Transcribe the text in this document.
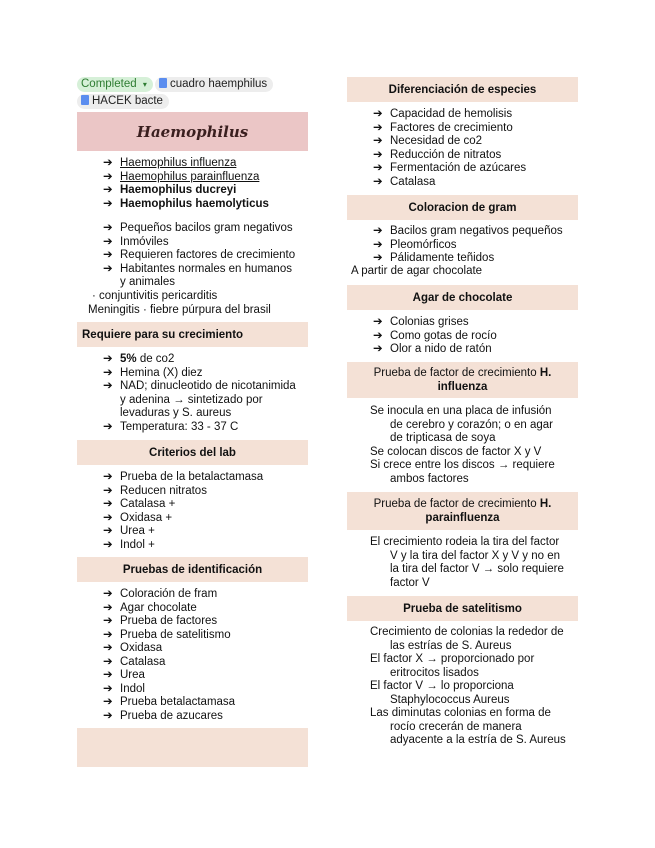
Completed ▾	cuadro haemphilus
HACEK bacte
Haemophilus
➔ Haemophilus influenza
➔ Haemophilus parainfluenza
➔ Haemophilus ducreyi
➔ Haemophilus haemolyticus
➔ Pequeños bacilos gram negativos
➔ Inmóviles
➔ Requieren factores de crecimiento
➔ Habitantes normales en humanos
y animales
· conjuntivitis pericarditis
Meningitis · fiebre púrpura del brasil
Requiere para su crecimiento
➔ 5% de co2
➔ Hemina (X) diez
➔ NAD; dinucleotido de nicotanimida
y adenina → sintetizado por
levaduras y S. aureus
➔ Temperatura: 33 - 37 C
Criterios del lab
➔ Prueba de la betalactamasa
➔ Reducen nitratos
➔ Catalasa +
➔ Oxidasa +
➔ Urea +
➔ Indol +
Pruebas de identificación
➔ Coloración de fram
➔ Agar chocolate
➔ Prueba de factores
➔ Prueba de satelitismo
➔ Oxidasa
➔ Catalasa
➔ Urea
➔ Indol
➔ Prueba betalactamasa
➔ Prueba de azucares
Diferenciación de especies
➔ Capacidad de hemolisis
➔ Factores de crecimiento
➔ Necesidad de co2
➔ Reducción de nitratos
➔ Fermentación de azúcares
➔ Catalasa
Coloracion de gram
➔ Bacilos gram negativos pequeños
➔ Pleomórficos
➔ Pálidamente teñidos
A partir de agar chocolate
Agar de chocolate
➔ Colonias grises
➔ Como gotas de rocío
➔ Olor a nido de ratón
Prueba de factor de crecimiento H.
influenza
Se inocula en una placa de infusión
de cerebro y corazón; o en agar
de tripticasa de soya
Se colocan discos de factor X y V
Si crece entre los discos → requiere
ambos factores
Prueba de factor de crecimiento H.
parainfluenza
El crecimiento rodeia la tira del factor
V y la tira del factor X y V y no en
la tira del factor V → solo requiere
factor V
Prueba de satelitismo
Crecimiento de colonias la rededor de
las estrías de S. Aureus
El factor X → proporcionado por
eritrocitos lisados
El factor V → lo proporciona
Staphylococcus Aureus
Las diminutas colonias en forma de
rocío crecerán de manera
adyacente a la estría de S. Aureus
